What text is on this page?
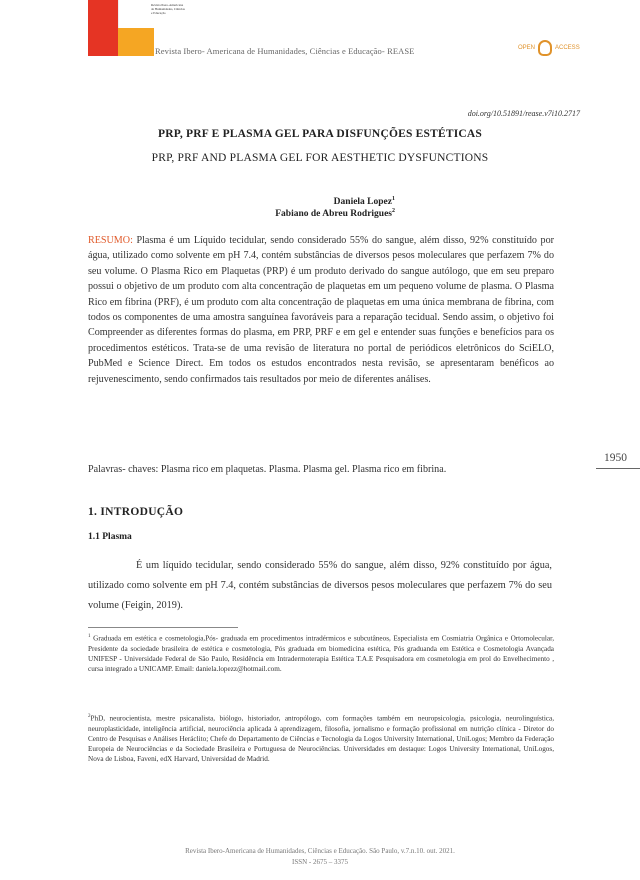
Revista Ibero-Americana de Humanidades, Ciências e Educação
Revista Ibero- Americana de Humanidades, Ciências e Educação- REASE	OPEN	ACCESS
doi.org/10.51891/rease.v7i10.2717
PRP, PRF E PLASMA GEL PARA DISFUNÇÕES ESTÉTICAS
PRP, PRF AND PLASMA GEL FOR AESTHETIC DYSFUNCTIONS
Daniela Lopez$^1$
Fabiano de Abreu Rodrigues$^2$
RESUMO: Plasma é um Líquido tecidular, sendo considerado 55% do sangue, além disso, 92% constituído por água, utilizado como solvente em pH 7.4, contém substâncias de diversos pesos moleculares que perfazem 7% do seu volume. O Plasma Rico em Plaquetas (PRP) é um produto derivado do sangue autólogo, que em seu preparo possui o objetivo de um produto com alta concentração de plaquetas em um pequeno volume de plasma. O Plasma Rico em fibrina (PRF), é um produto com alta concentração de plaquetas em uma única membrana de fibrina, com todos os componentes de uma amostra sanguínea favoráveis para a reparação tecidual. Sendo assim, o objetivo foi Compreender as diferentes formas do plasma, em PRP, PRF e em gel e entender suas funções e benefícios para os procedimentos estéticos. Trata-se de uma revisão de literatura no portal de periódicos eletrônicos do SciELO, PubMed e Science Direct. Em todos os estudos encontrados nesta revisão, se apresentaram benéficos ao rejuvenescimento, sendo confirmados tais resultados por meio de diferentes análises.
Palavras- chaves: Plasma rico em plaquetas. Plasma. Plasma gel. Plasma rico em fibrina.
1950
1. INTRODUÇÃO
1.1 Plasma
É um líquido tecidular, sendo considerado 55% do sangue, além disso, 92% constituído por água, utilizado como solvente em pH 7.4, contém substâncias de diversos pesos moleculares que perfazem 7% do seu volume (Feigin, 2019).
$^1$ Graduada em estética e cosmetologia,Pós- graduada em procedimentos intradérmicos e subcutâneos, Especialista em Cosmiatria Orgânica e Ortomolecular, Presidente da sociedade brasileira de estética e cosmetologia, Pós graduada em biomedicina estética, Pós graduanda em Estética e Cosmetologia Avançada UNIFESP - Universidade Federal de São Paulo, Residência em Intradermoterapia Estética T.A.E Pesquisadora em cosmetologia em prol do Envelhecimento , cursa integrado a UNICAMP. Email: daniela.lopezz@hotmail.com.
$^2$PhD, neurocientista, mestre psicanalista, biólogo, historiador, antropólogo, com formações também em neuropsicologia, psicologia, neurolinguística, neuroplasticidade, inteligência artificial, neurociência aplicada à aprendizagem, filosofia, jornalismo e formação profissional em nutrição clínica - Diretor do Centro de Pesquisas e Análises Heráclito; Chefe do Departamento de Ciências e Tecnologia da Logos University International, UniLogos; Membro da Federação Europeia de Neurociências e da Sociedade Brasileira e Portuguesa de Neurociências. Universidades em destaque: Logos University International, UniLogos, Nova de Lisboa, Faveni, edX Harvard, Universidad de Madrid.
Revista Ibero-Americana de Humanidades, Ciências e Educação. São Paulo, v.7.n.10. out. 2021.
ISSN - 2675 – 3375
